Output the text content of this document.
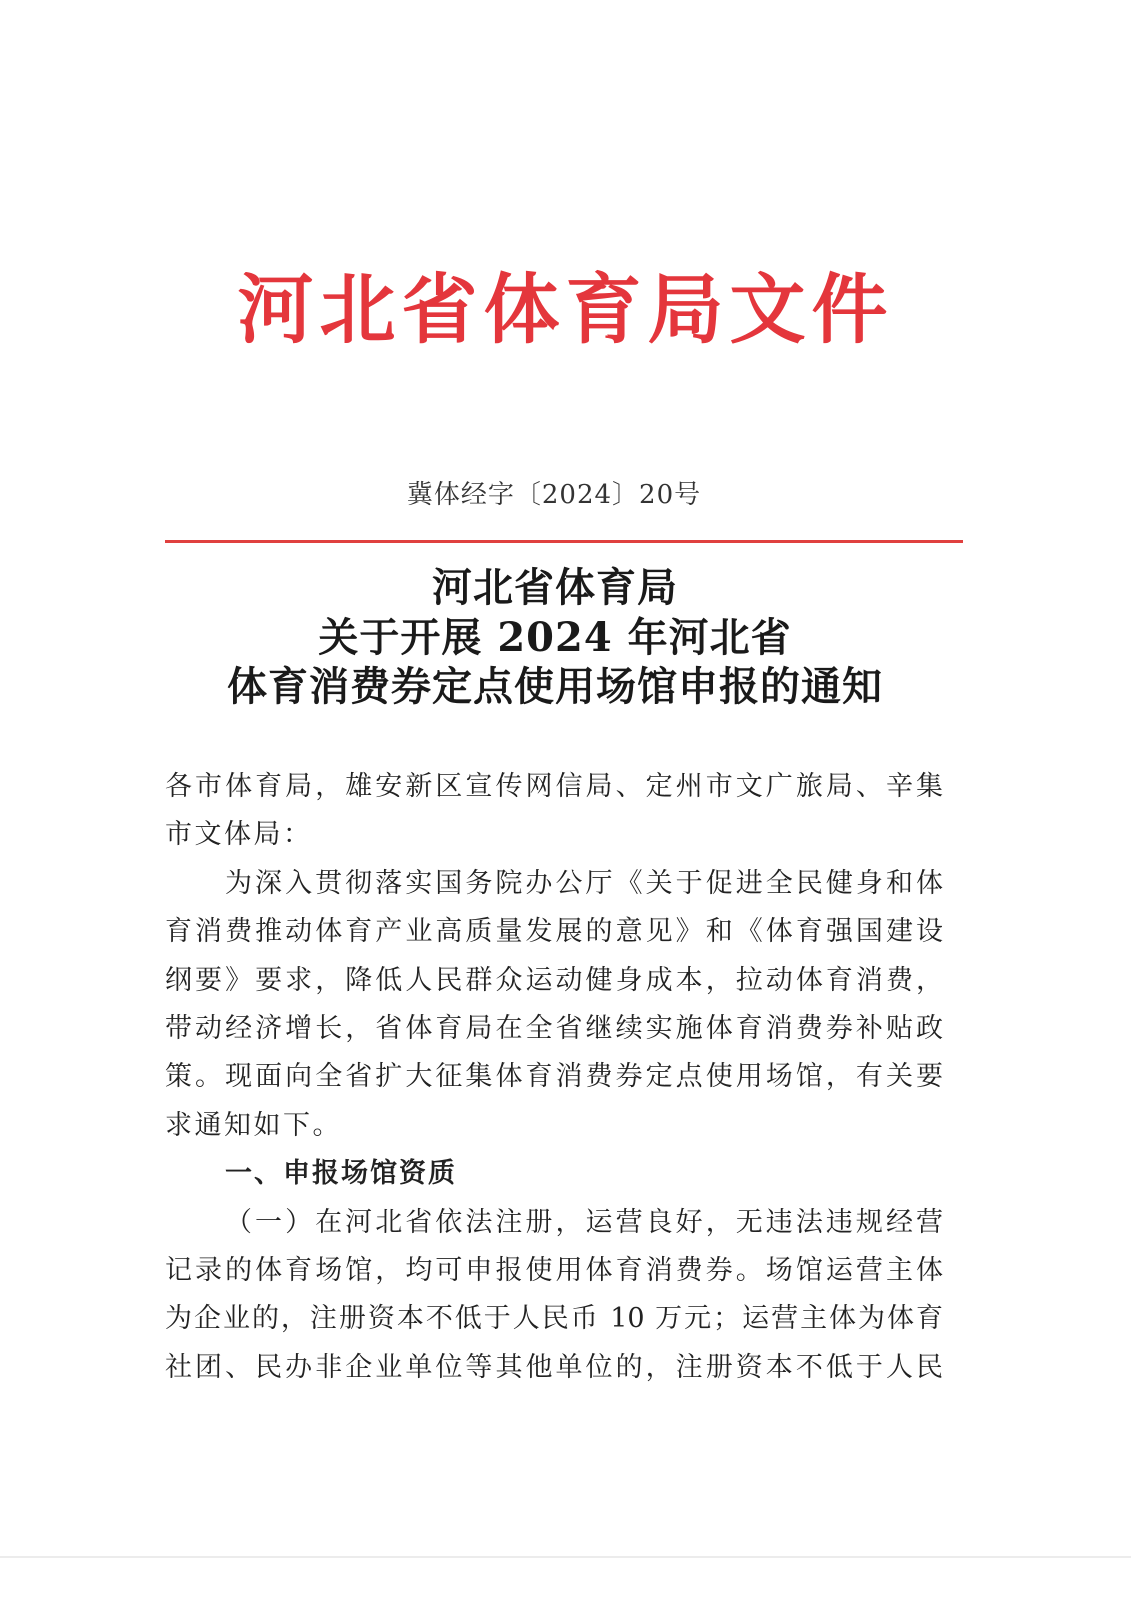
河北省体育局文件
冀体经字〔2024〕20号
河北省体育局
关于开展 2024 年河北省
体育消费券定点使用场馆申报的通知
各市体育局，雄安新区宣传网信局、定州市文广旅局、辛集
市文体局：
为深入贯彻落实国务院办公厅《关于促进全民健身和体
育消费推动体育产业高质量发展的意见》和《体育强国建设
纲要》要求，降低人民群众运动健身成本，拉动体育消费，
带动经济增长，省体育局在全省继续实施体育消费券补贴政
策。现面向全省扩大征集体育消费券定点使用场馆，有关要
求通知如下。
一、申报场馆资质
（一）在河北省依法注册，运营良好，无违法违规经营
记录的体育场馆，均可申报使用体育消费券。场馆运营主体
为企业的，注册资本不低于人民币 10 万元；运营主体为体育
社团、民办非企业单位等其他单位的，注册资本不低于人民
